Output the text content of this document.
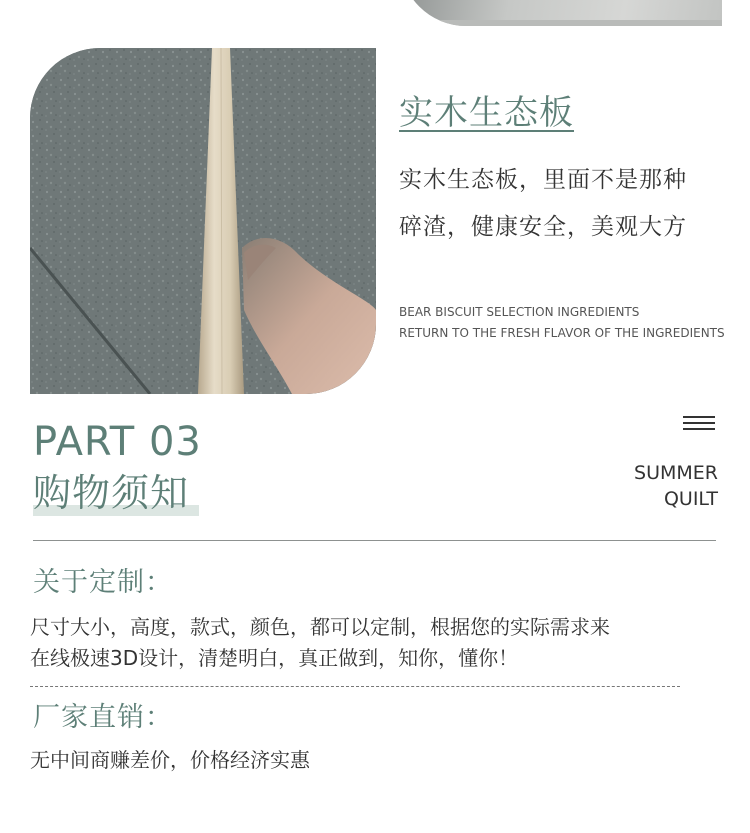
实木生态板
实木生态板，里面不是那种
碎渣，健康安全，美观大方
BEAR BISCUIT SELECTION INGREDIENTS
RETURN TO THE FRESH FLAVOR OF THE INGREDIENTS
PART 03
购物须知	SUMMER
QUILT
关于定制：
尺寸大小，高度，款式，颜色，都可以定制，根据您的实际需求来
在线极速3D设计，清楚明白，真正做到，知你，懂你！
厂家直销：
无中间商赚差价，价格经济实惠
